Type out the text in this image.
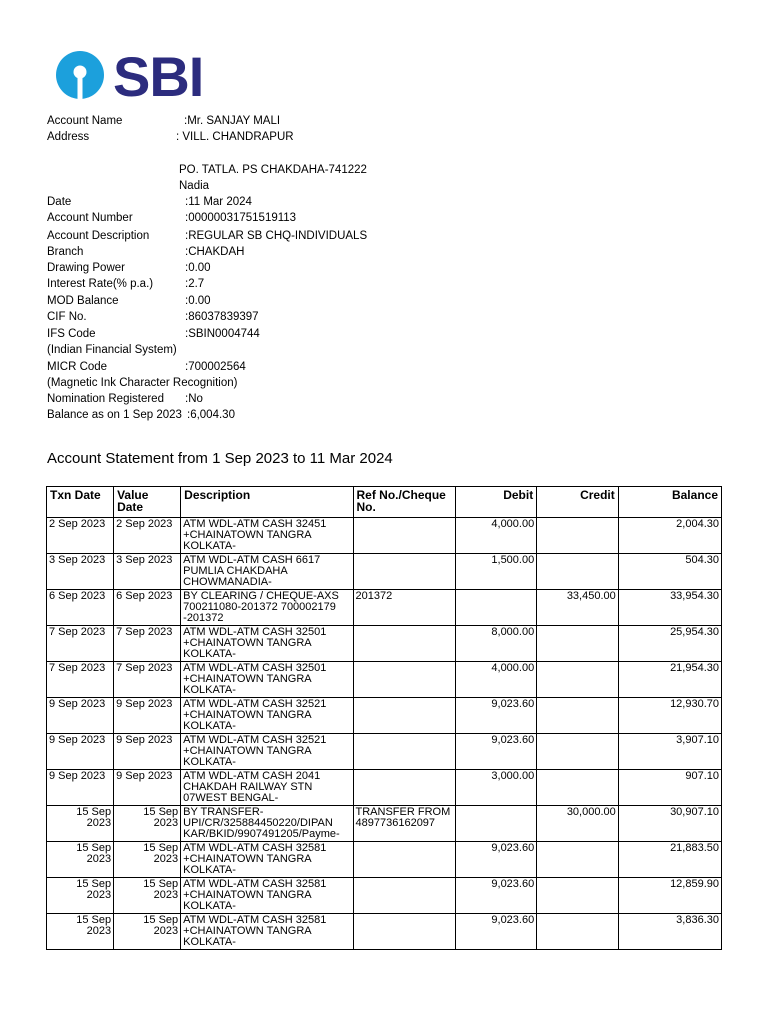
SBI
Account Name	:Mr. SANJAY MALI
Address	: VILL. CHANDRAPUR
PO. TATLA. PS CHAKDAHA-741222
Nadia
Date	:11 Mar 2024
Account Number	:00000031751519113
Account Description	:REGULAR SB CHQ-INDIVIDUALS
Branch	:CHAKDAH
Drawing Power	:0.00
Interest Rate(% p.a.)	:2.7
MOD Balance	:0.00
CIF No.	:86037839397
IFS Code	:SBIN0004744
(Indian Financial System)
MICR Code	:700002564
(Magnetic Ink Character Recognition)
Nomination Registered :No
Balance as on 1 Sep 2023 :6,004.30
Account Statement from 1 Sep 2023 to 11 Mar 2024
Txn Date	Value Date	Description	Ref No./Cheque No.	Debit	Credit	Balance
2 Sep 2023	2 Sep 2023	ATM WDL-ATM CASH 32451 +CHAINATOWN TANGRA KOLKATA-		4,000.00		2,004.30
3 Sep 2023	3 Sep 2023	ATM WDL-ATM CASH 6617 PUMLIA CHAKDAHA CHOWMANADIA-		1,500.00		504.30
6 Sep 2023	6 Sep 2023	BY CLEARING / CHEQUE-AXS 700211080-201372 700002179 -201372	201372		33,450.00	33,954.30
7 Sep 2023	7 Sep 2023	ATM WDL-ATM CASH 32501 +CHAINATOWN TANGRA KOLKATA-		8,000.00		25,954.30
7 Sep 2023	7 Sep 2023	ATM WDL-ATM CASH 32501 +CHAINATOWN TANGRA KOLKATA-		4,000.00		21,954.30
9 Sep 2023	9 Sep 2023	ATM WDL-ATM CASH 32521 +CHAINATOWN TANGRA KOLKATA-		9,023.60		12,930.70
9 Sep 2023	9 Sep 2023	ATM WDL-ATM CASH 32521 +CHAINATOWN TANGRA KOLKATA-		9,023.60		3,907.10
9 Sep 2023	9 Sep 2023	ATM WDL-ATM CASH 2041 CHAKDAH RAILWAY STN 07WEST BENGAL-		3,000.00		907.10
15 Sep 2023	15 Sep 2023	BY TRANSFER- UPI/CR/325884450220/DIPAN KAR/BKID/9907491205/Payme-	TRANSFER FROM 4897736162097		30,000.00	30,907.10
15 Sep 2023	15 Sep 2023	ATM WDL-ATM CASH 32581 +CHAINATOWN TANGRA KOLKATA-		9,023.60		21,883.50
15 Sep 2023	15 Sep 2023	ATM WDL-ATM CASH 32581 +CHAINATOWN TANGRA KOLKATA-		9,023.60		12,859.90
15 Sep 2023	15 Sep 2023	ATM WDL-ATM CASH 32581 +CHAINATOWN TANGRA KOLKATA-		9,023.60		3,836.30
